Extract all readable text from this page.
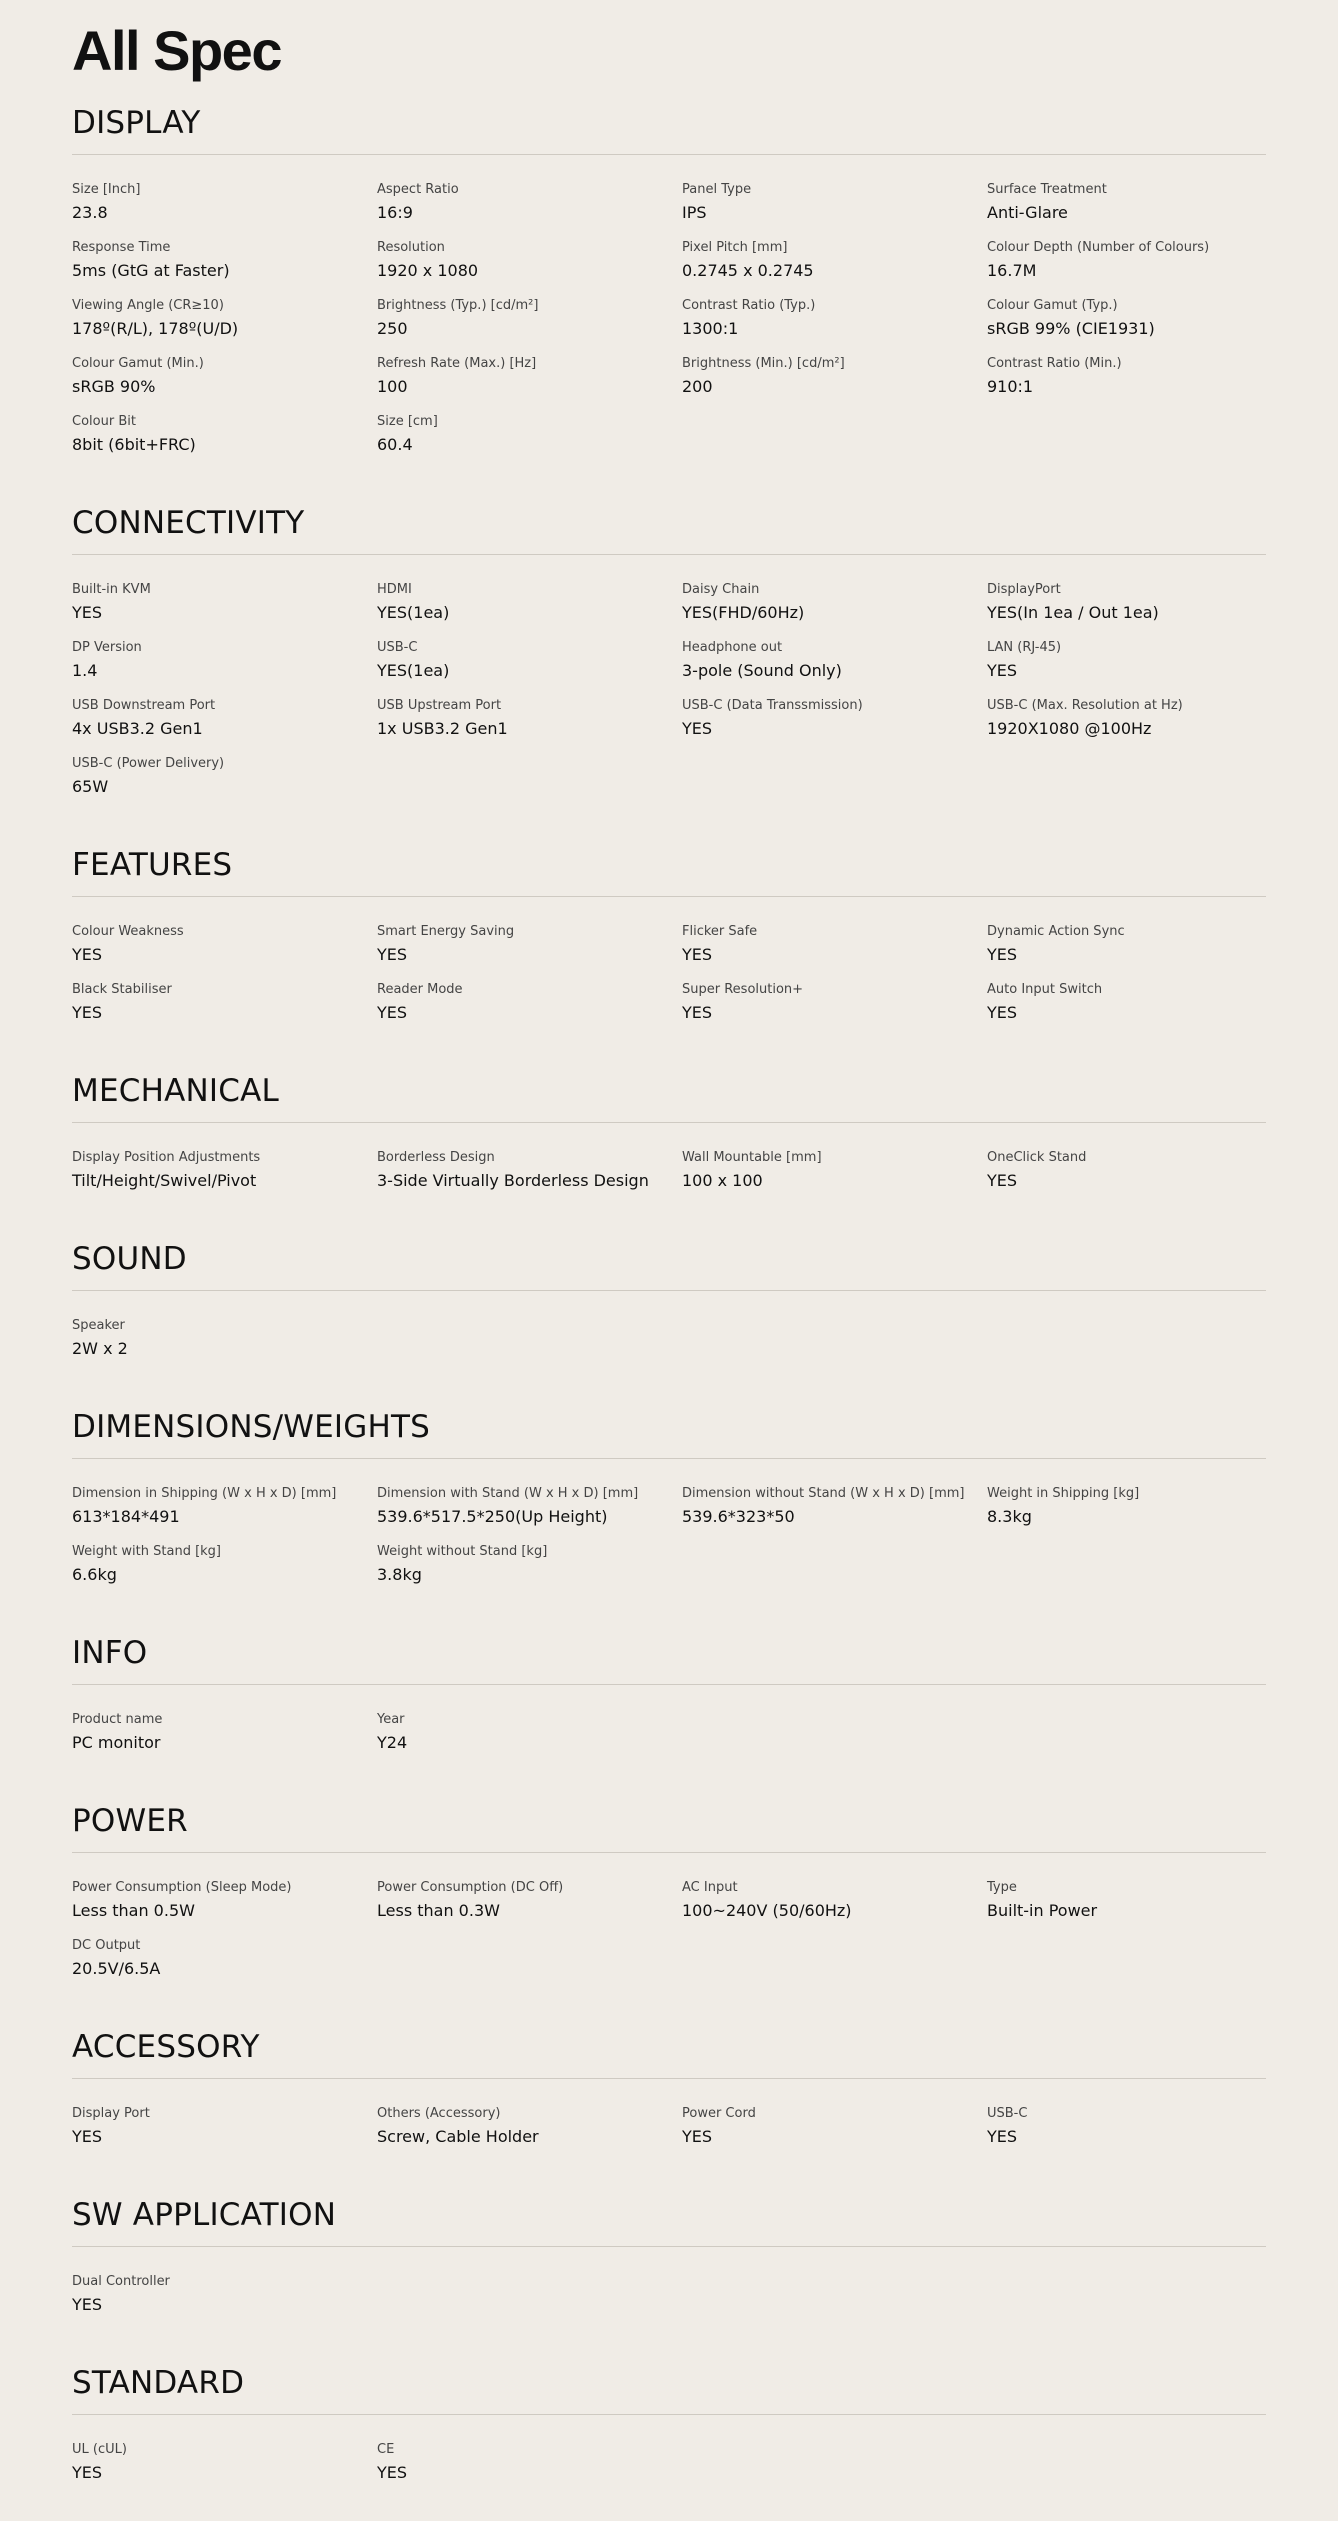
All Spec
DISPLAY
Size [Inch]
23.8
Aspect Ratio
16:9
Panel Type
IPS
Surface Treatment
Anti-Glare
Response Time
5ms (GtG at Faster)
Resolution
1920 x 1080
Pixel Pitch [mm]
0.2745 x 0.2745
Colour Depth (Number of Colours)
16.7M
Viewing Angle (CR≥10)
178º(R/L), 178º(U/D)
Brightness (Typ.) [cd/m²]
250
Contrast Ratio (Typ.)
1300:1
Colour Gamut (Typ.)
sRGB 99% (CIE1931)
Colour Gamut (Min.)
sRGB 90%
Refresh Rate (Max.) [Hz]
100
Brightness (Min.) [cd/m²]
200
Contrast Ratio (Min.)
910:1
Colour Bit
8bit (6bit+FRC)
Size [cm]
60.4
CONNECTIVITY
Built-in KVM
YES
HDMI
YES(1ea)
Daisy Chain
YES(FHD/60Hz)
DisplayPort
YES(In 1ea / Out 1ea)
DP Version
1.4
USB-C
YES(1ea)
Headphone out
3-pole (Sound Only)
LAN (RJ-45)
YES
USB Downstream Port
4x USB3.2 Gen1
USB Upstream Port
1x USB3.2 Gen1
USB-C (Data Transsmission)
YES
USB-C (Max. Resolution at Hz)
1920X1080 @100Hz
USB-C (Power Delivery)
65W
FEATURES
Colour Weakness
YES
Smart Energy Saving
YES
Flicker Safe
YES
Dynamic Action Sync
YES
Black Stabiliser
YES
Reader Mode
YES
Super Resolution+
YES
Auto Input Switch
YES
MECHANICAL
Display Position Adjustments
Tilt/Height/Swivel/Pivot
Borderless Design
3-Side Virtually Borderless Design
Wall Mountable [mm]
100 x 100
OneClick Stand
YES
SOUND
Speaker
2W x 2
DIMENSIONS/WEIGHTS
Dimension in Shipping (W x H x D) [mm]
613*184*491
Dimension with Stand (W x H x D) [mm]
539.6*517.5*250(Up Height)
Dimension without Stand (W x H x D) [mm]
539.6*323*50
Weight in Shipping [kg]
8.3kg
Weight with Stand [kg]
6.6kg
Weight without Stand [kg]
3.8kg
INFO
Product name
PC monitor
Year
Y24
POWER
Power Consumption (Sleep Mode)
Less than 0.5W
Power Consumption (DC Off)
Less than 0.3W
AC Input
100~240V (50/60Hz)
Type
Built-in Power
DC Output
20.5V/6.5A
ACCESSORY
Display Port
YES
Others (Accessory)
Screw, Cable Holder
Power Cord
YES
USB-C
YES
SW APPLICATION
Dual Controller
YES
STANDARD
UL (cUL)
YES
CE
YES
